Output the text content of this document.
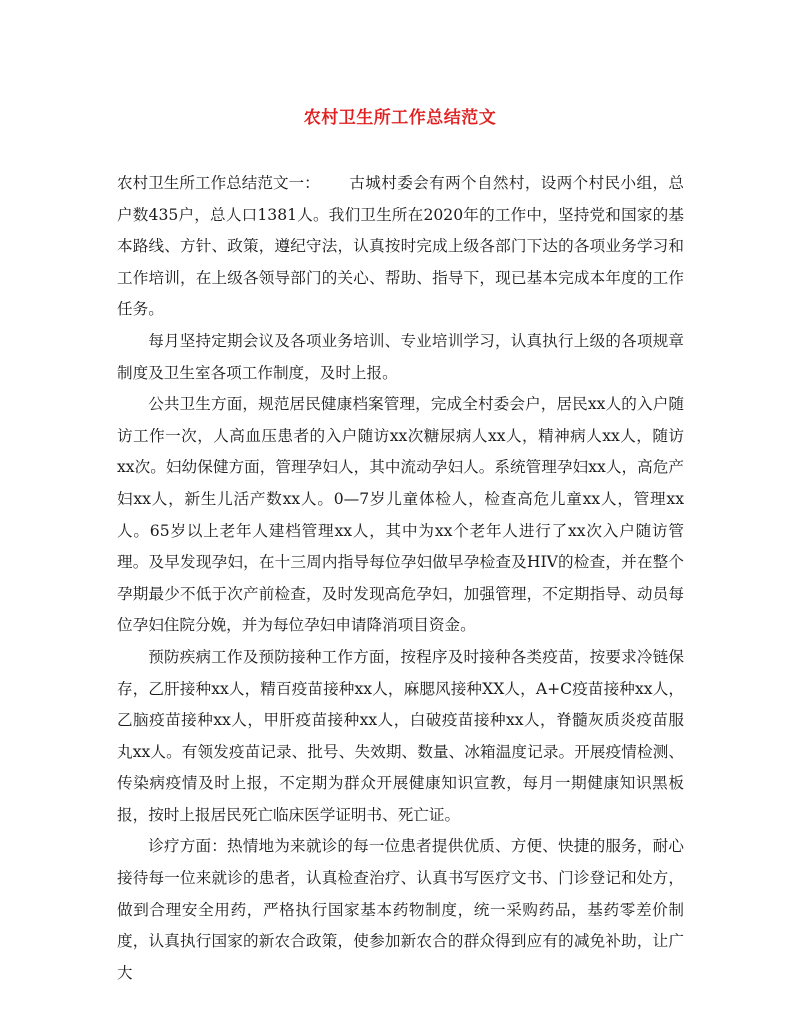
农村卫生所工作总结范文

农村卫生所工作总结范文一： 古城村委会有两个自然村，设两个村民小组，总户数435户，总人口1381人。我们卫生所在2020年的工作中，坚持党和国家的基本路线、方针、政策，遵纪守法，认真按时完成上级各部门下达的各项业务学习和工作培训，在上级各领导部门的关心、帮助、指导下，现已基本完成本年度的工作任务。

每月坚持定期会议及各项业务培训、专业培训学习，认真执行上级的各项规章制度及卫生室各项工作制度，及时上报。

公共卫生方面，规范居民健康档案管理，完成全村委会户，居民xx人的入户随访工作一次，人高血压患者的入户随访xx次糖尿病人xx人，精神病人xx人，随访xx次。妇幼保健方面，管理孕妇人，其中流动孕妇人。系统管理孕妇xx人，高危产妇xx人，新生儿活产数xx人。0—7岁儿童体检人，检查高危儿童xx人，管理xx人。65岁以上老年人建档管理xx人，其中为xx个老年人进行了xx次入户随访管理。及早发现孕妇，在十三周内指导每位孕妇做早孕检查及HIV的检查，并在整个孕期最少不低于次产前检查，及时发现高危孕妇，加强管理，不定期指导、动员每位孕妇住院分娩，并为每位孕妇申请降消项目资金。

预防疾病工作及预防接种工作方面，按程序及时接种各类疫苗，按要求冷链保存，乙肝接种xx人，精百疫苗接种xx人，麻腮风接种XX人，A+C疫苗接种xx人，乙脑疫苗接种xx人，甲肝疫苗接种xx人，白破疫苗接种xx人，脊髓灰质炎疫苗服丸xx人。有领发疫苗记录、批号、失效期、数量、冰箱温度记录。开展疫情检测、传染病疫情及时上报，不定期为群众开展健康知识宣教，每月一期健康知识黑板报，按时上报居民死亡临床医学证明书、死亡证。

诊疗方面：热情地为来就诊的每一位患者提供优质、方便、快捷的服务，耐心接待每一位来就诊的患者，认真检查治疗、认真书写医疗文书、门诊登记和处方，做到合理安全用药，严格执行国家基本药物制度，统一采购药品，基药零差价制度，认真执行国家的新农合政策，使参加新农合的群众得到应有的减免补助，让广大
